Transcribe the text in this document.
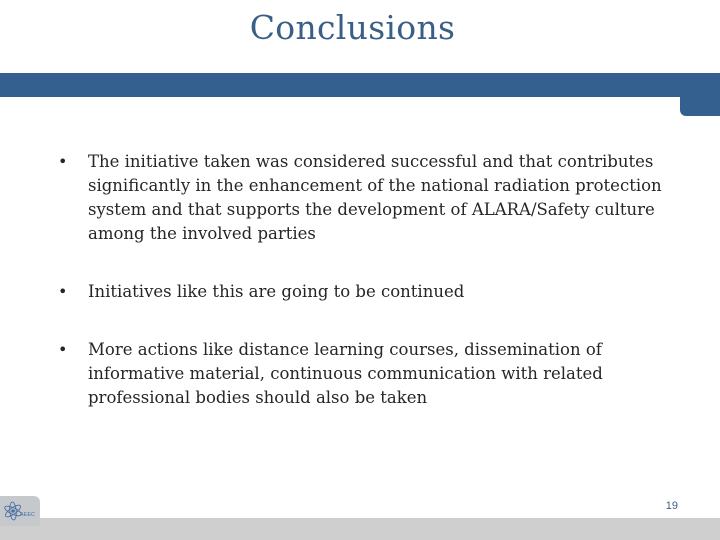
Conclusions
• The initiative taken was considered successful and that contributes significantly in the enhancement of the national radiation protection system and that supports the development of ALARA/Safety culture among the involved parties
• Initiatives like this are going to be continued
• More actions like distance learning courses, dissemination of informative material, continuous communication with related professional bodies should also be taken
19
AEEC
